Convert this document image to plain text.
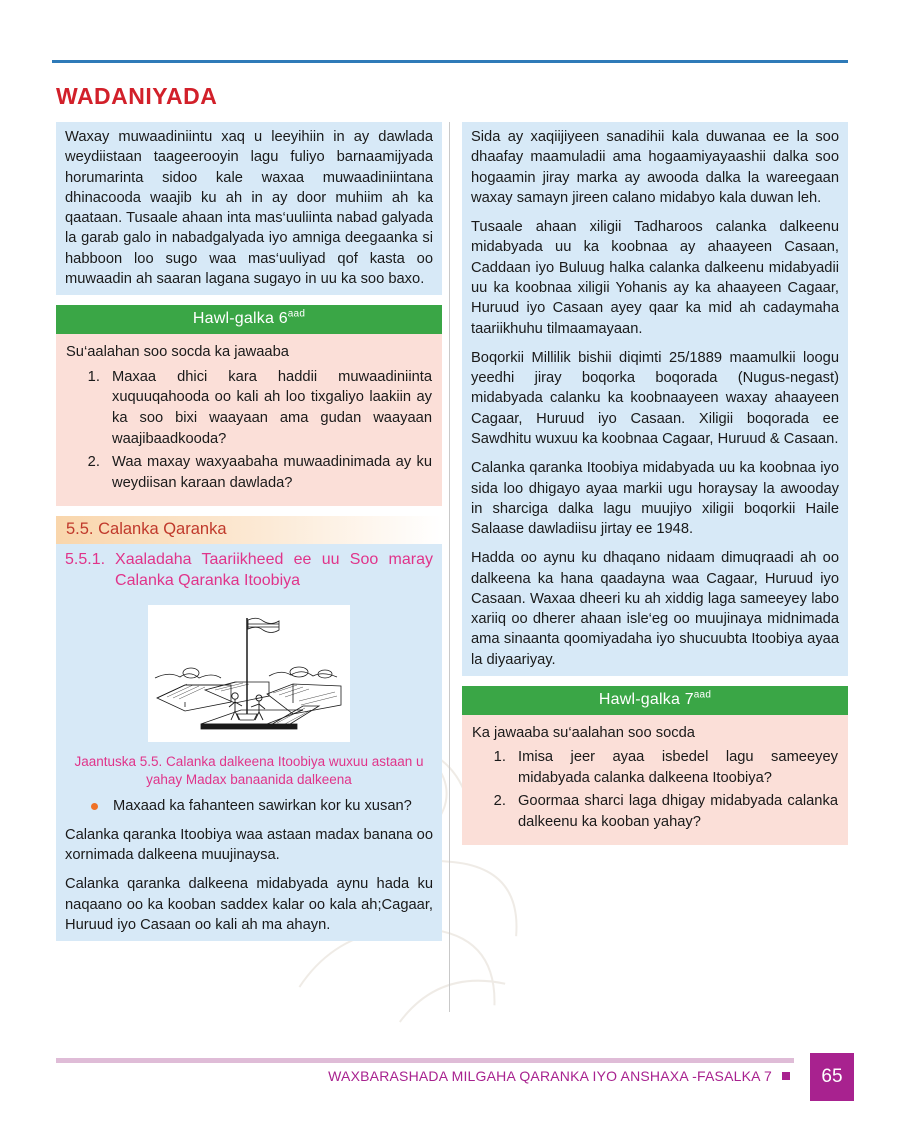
WADANIYADA

Waxay muwaadiniintu xaq u leeyihiin in ay dawlada weydiistaan taageerooyin lagu fuliyo barnaamijyada horumarinta sidoo kale waxaa muwaadiniintana dhinacooda waajib ku ah in ay door muhiim ah ka qaataan. Tusaale ahaan inta mas‘uuliinta nabad galyada la garab galo in nabadgalyada iyo amniga deegaanka si habboon loo sugo waa mas‘uuliyad qof kasta oo muwaadin ah saaran lagana sugayo in uu ka soo baxo.

Hawl-galka $6^{aad}$

Su‘aalahan soo socda ka jawaaba

1. Maxaa dhici kara haddii muwaadiniinta xuquuqahooda oo kali ah loo tixgaliyo laakiin ay ka soo bixi waayaan ama gudan waayaan waajibaadkooda?
2. Waa maxay waxyaabaha muwaadinimada ay ku weydiisan karaan dawlada?
5.5. Calanka Qaranka
5.5.1. Xaaladaha Taariikheed ee uu Soo maray Calanka Qaranka Itoobiya
Jaantuska 5.5. Calanka dalkeena Itoobiya wuxuu astaan u yahay Madax banaanida dalkeena
Maxaad ka fahanteen sawirkan kor ku xusan?

Calanka qaranka Itoobiya waa astaan madax banana oo xornimada dalkeena muujinaysa.

Calanka qaranka dalkeena midabyada aynu hada ku naqaano oo ka kooban saddex kalar oo kala ah;Cagaar, Huruud iyo Casaan oo kali ah ma ahayn.

Sida ay xaqiijiyeen sanadihii kala duwanaa ee la soo dhaafay maamuladii ama hogaamiyayaashii dalka soo hogaamin jiray marka ay awooda dalka la wareegaan waxay samayn jireen calano midabyo kala duwan leh.

Tusaale ahaan xiligii Tadharoos calanka dalkeenu midabyada uu ka koobnaa ay ahaayeen Casaan, Caddaan iyo Buluug halka calanka dalkeenu midabyadii uu ka koobnaa xiligii Yohanis ay ka ahaayeen Cagaar, Huruud iyo Casaan ayey qaar ka mid ah cadaymaha taariikhuhu tilmaamayaan.

Boqorkii Millilik bishii diqimti 25/1889 maamulkii loogu yeedhi jiray boqorka boqorada (Nugus-negast) midabyada calanku ka koobnaayeen waxay ahaayeen Cagaar, Huruud iyo Casaan. Xiligii boqorada ee Sawdhitu wuxuu ka koobnaa Cagaar, Huruud & Casaan.

Calanka qaranka Itoobiya midabyada uu ka koobnaa iyo sida loo dhigayo ayaa markii ugu horaysay la awooday in sharciga dalka lagu muujiyo xiligii boqorkii Haile Salaase dawladiisu jirtay ee 1948.

Hadda oo aynu ku dhaqano nidaam dimuqraadi ah oo dalkeena ka hana qaadayna waa Cagaar, Huruud iyo Casaan. Waxaa dheeri ku ah xiddig laga sameeyey labo xariiq oo dherer ahaan isle‘eg oo muujinaya midnimada ama sinaanta qoomiyadaha iyo shucuubta Itoobiya ayaa la diyaariyay.

Hawl-galka $7^{aad}$

Ka jawaaba su‘aalahan soo socda

1. Imisa jeer ayaa isbedel lagu sameeyey midabyada calanka dalkeena Itoobiya?
2. Goormaa sharci laga dhigay midabyada calanka dalkeenu ka kooban yahay?
WAXBARASHADA MILGAHA QARANKA IYO ANSHAXA -FASALKA 7	65
